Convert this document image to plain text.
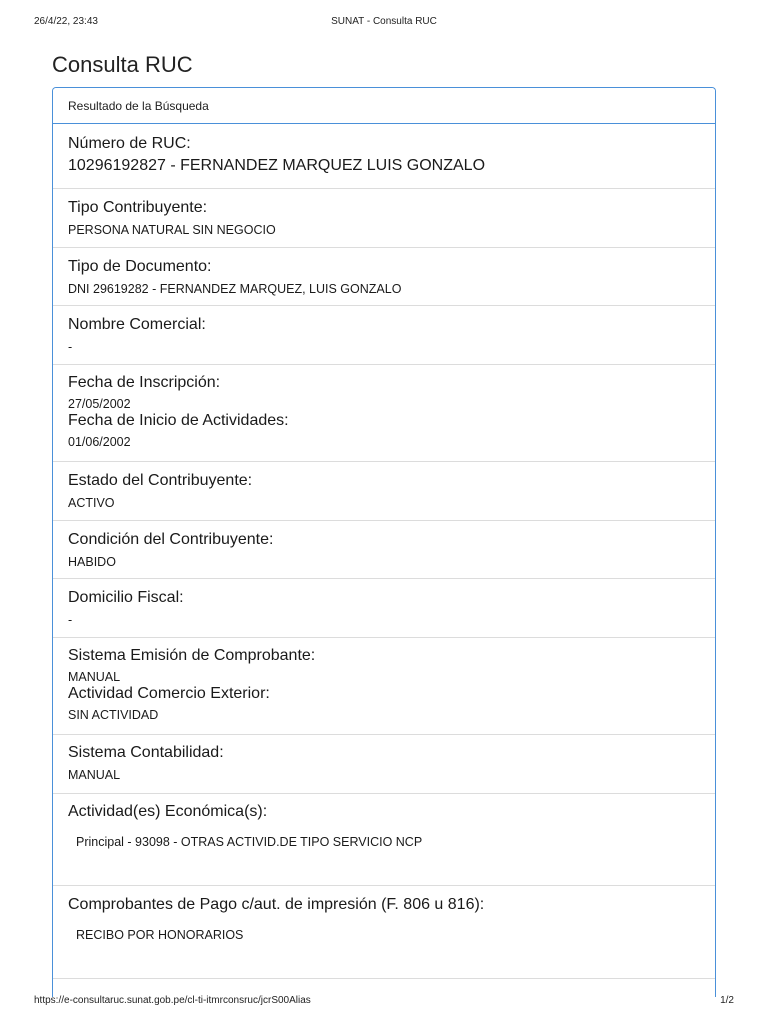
26/4/22, 23:43	SUNAT - Consulta RUC
Consulta RUC
Resultado de la Búsqueda
Número de RUC:
10296192827 - FERNANDEZ MARQUEZ LUIS GONZALO
Tipo Contribuyente:
PERSONA NATURAL SIN NEGOCIO
Tipo de Documento:
DNI 29619282 - FERNANDEZ MARQUEZ, LUIS GONZALO
Nombre Comercial:
-
Fecha de Inscripción:
27/05/2002
Fecha de Inicio de Actividades:
01/06/2002
Estado del Contribuyente:
ACTIVO
Condición del Contribuyente:
HABIDO
Domicilio Fiscal:
-
Sistema Emisión de Comprobante:
MANUAL
Actividad Comercio Exterior:
SIN ACTIVIDAD
Sistema Contabilidad:
MANUAL
Actividad(es) Económica(s):
Principal - 93098 - OTRAS ACTIVID.DE TIPO SERVICIO NCP
Comprobantes de Pago c/aut. de impresión (F. 806 u 816):
RECIBO POR HONORARIOS
https://e-consultaruc.sunat.gob.pe/cl-ti-itmrconsruc/jcrS00Alias	1/2
